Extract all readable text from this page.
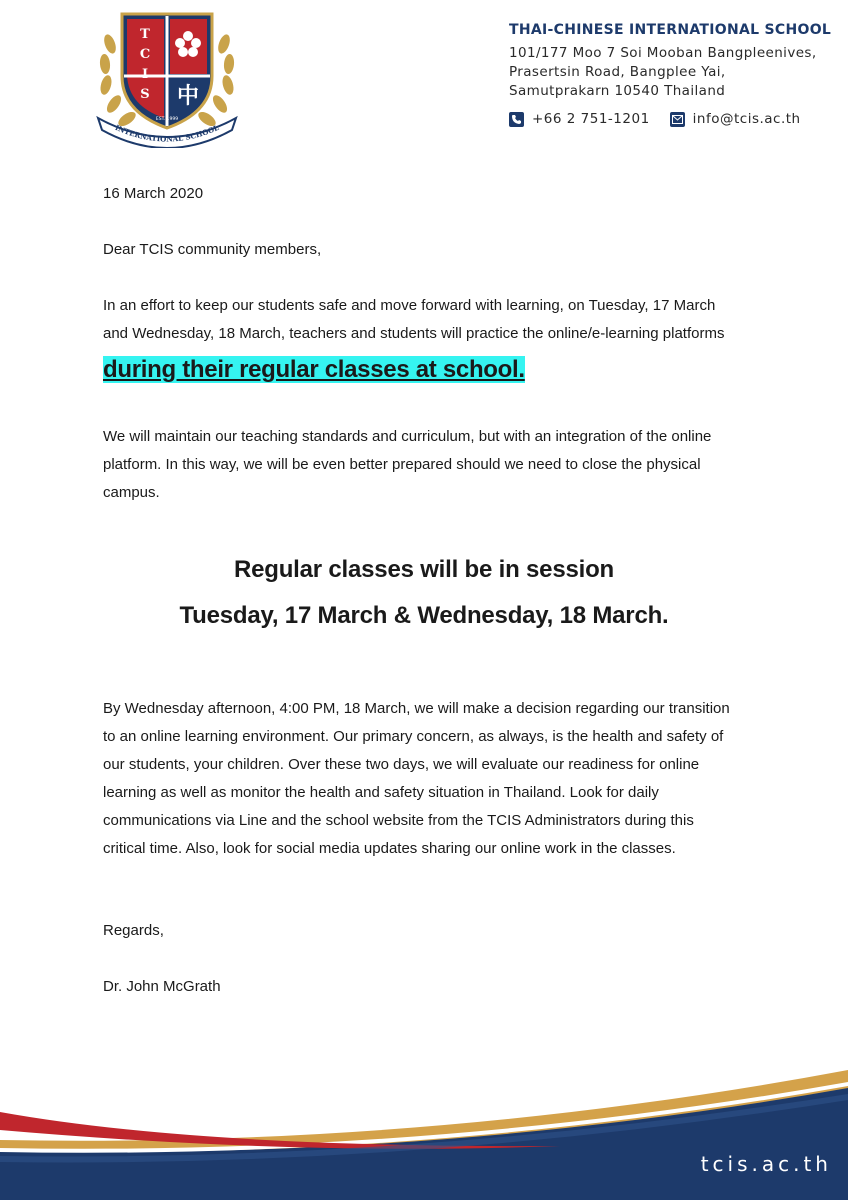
T
C
I
S 中
EST. 1999
INTERNATIONAL SCHOOL

THAI-CHINESE INTERNATIONAL SCHOOL

101/177 Moo 7 Soi Mooban Bangpleenives,
Prasertsin Road, Bangplee Yai,
Samutprakarn 10540 Thailand
+66 2 751-1201	info@tcis.ac.th

16 March 2020

Dear TCIS community members,

In an effort to keep our students safe and move forward with learning, on Tuesday, 17 March

and Wednesday, 18 March, teachers and students will practice the online/e-learning platforms

during their regular classes at school.

We will maintain our teaching standards and curriculum, but with an integration of the online

platform. In this way, we will be even better prepared should we need to close the physical

campus.

Regular classes will be in session
Tuesday, 17 March & Wednesday, 18 March.

By Wednesday afternoon, 4:00 PM, 18 March, we will make a decision regarding our transition

to an online learning environment. Our primary concern, as always, is the health and safety of

our students, your children. Over these two days, we will evaluate our readiness for online

learning as well as monitor the health and safety situation in Thailand. Look for daily

communications via Line and the school website from the TCIS Administrators during this

critical time. Also, look for social media updates sharing our online work in the classes.

Regards,

Dr. John McGrath

tcis.ac.th
